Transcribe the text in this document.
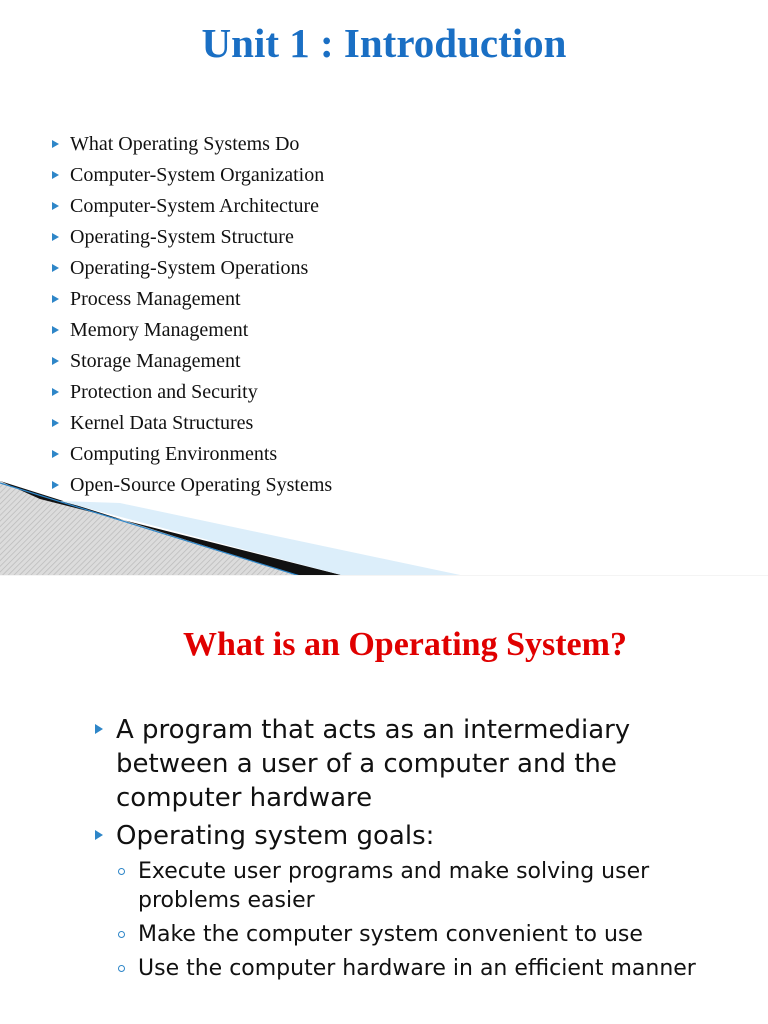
Unit 1 : Introduction
What Operating Systems Do
Computer-System Organization
Computer-System Architecture
Operating-System Structure
Operating-System Operations
Process Management
Memory Management
Storage Management
Protection and Security
Kernel Data Structures
Computing Environments
Open-Source Operating Systems
What is an Operating System?
A program that acts as an intermediary between a user of a computer and the computer hardware
Operating system goals:
Execute user programs and make solving user problems easier
Make the computer system convenient to use
Use the computer hardware in an efficient manner
